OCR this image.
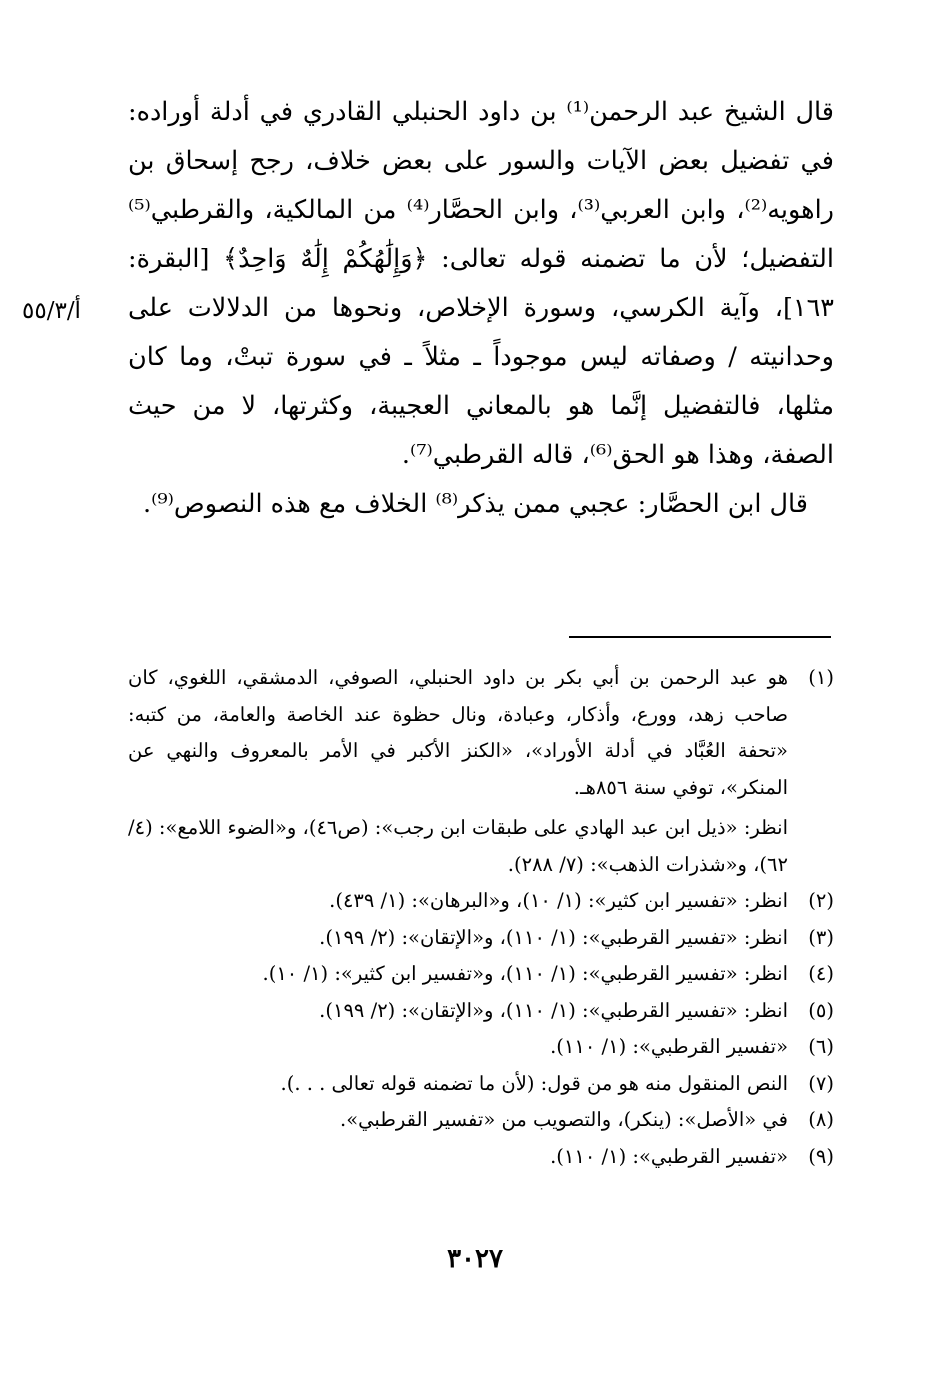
قال الشيخ عبد الرحمن⁽¹⁾ بن داود الحنبلي القادري في أدلة أوراده: في تفضيل بعض الآيات والسور على بعض خلاف، رجح إسحاق بن راهويه⁽²⁾، وابن العربي⁽³⁾، وابن الحصَّار⁽⁴⁾ من المالكية، والقرطبي⁽⁵⁾ التفضيل؛ لأن ما تضمنه قوله تعالى: ﴿وَإِلَٰهُكُمْ إِلَٰهٌ وَاحِدٌ﴾ [البقرة: ١٦٣]، وآية الكرسي، وسورة الإخلاص، ونحوها من الدلالات على وحدانيته / وصفاته ليس موجوداً ـ مثلاً ـ في سورة تبتْ، وما كان مثلها، فالتفضيل إنَّما هو بالمعاني العجيبة، وكثرتها، لا من حيث الصفة، وهذا هو الحق⁽⁶⁾، قاله القرطبي⁽⁷⁾.

قال ابن الحصَّار: عجبي ممن يذكر⁽⁸⁾ الخلاف مع هذه النصوص⁽⁹⁾.

أ/٥٥/٣
(١)
هو عبد الرحمن بن أبي بكر بن داود الحنبلي، الصوفي، الدمشقي، اللغوي، كان صاحب زهد، وورع، وأذكار، وعبادة، ونال حظوة عند الخاصة والعامة، من كتبه: «تحفة العُبَّاد في أدلة الأوراد»، «الكنز الأكبر في الأمر بالمعروف والنهي عن المنكر»، توفي سنة ٨٥٦هـ.
انظر: «ذيل ابن عبد الهادي على طبقات ابن رجب»: (ص٤٦)، و«الضوء اللامع»: (٤/ ٦٢)، و«شذرات الذهب»: (٧/ ٢٨٨).
(٢)
انظر: «تفسير ابن كثير»: (١/ ١٠)، و«البرهان»: (١/ ٤٣٩).
(٣)
انظر: «تفسير القرطبي»: (١/ ١١٠)، و«الإتقان»: (٢/ ١٩٩).
(٤)
انظر: «تفسير القرطبي»: (١/ ١١٠)، و«تفسير ابن كثير»: (١/ ١٠).
(٥)
انظر: «تفسير القرطبي»: (١/ ١١٠)، و«الإتقان»: (٢/ ١٩٩).
(٦)
«تفسير القرطبي»: (١/ ١١٠).
(٧)
النص المنقول منه هو من قول: (لأن ما تضمنه قوله تعالى . . .).
(٨)
في «الأصل»: (ينكر)، والتصويب من «تفسير القرطبي».
(٩)
«تفسير القرطبي»: (١/ ١١٠).
٣٠٢٧
